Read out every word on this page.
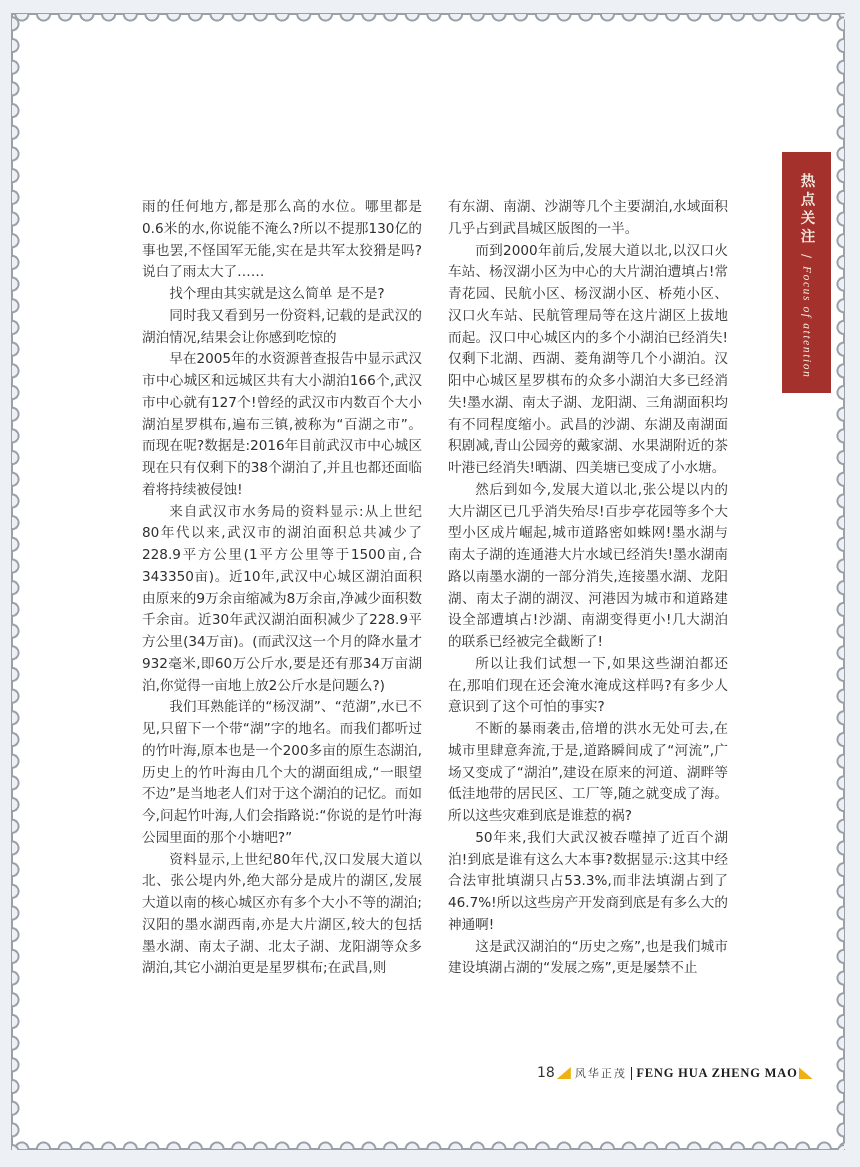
热点关注 / Focus of attention

雨的任何地方,都是那么高的水位。哪里都是0.6米的水,你说能不淹么?所以不提那130亿的事也罢,不怪国军无能,实在是共军太狡猾是吗?说白了雨太大了……

找个理由其实就是这么简单 是不是?

同时我又看到另一份资料,记载的是武汉的湖泊情况,结果会让你感到吃惊的

早在2005年的水资源普查报告中显示武汉市中心城区和远城区共有大小湖泊166个,武汉市中心就有127个!曾经的武汉市内数百个大小湖泊星罗棋布,遍布三镇,被称为“百湖之市”。而现在呢?数据是:2016年目前武汉市中心城区现在只有仅剩下的38个湖泊了,并且也都还面临着将持续被侵蚀!

来自武汉市水务局的资料显示:从上世纪80年代以来,武汉市的湖泊面积总共减少了228.9平方公里(1平方公里等于1500亩,合343350亩)。近10年,武汉中心城区湖泊面积由原来的9万余亩缩减为8万余亩,净减少面积数千余亩。近30年武汉湖泊面积减少了228.9平方公里(34万亩)。(而武汉这一个月的降水量才932毫米,即60万公斤水,要是还有那34万亩湖泊,你觉得一亩地上放2公斤水是问题么?)

我们耳熟能详的“杨汊湖”、“范湖”,水已不见,只留下一个带“湖”字的地名。而我们都听过的竹叶海,原本也是一个200多亩的原生态湖泊,历史上的竹叶海由几个大的湖面组成,“一眼望不边”是当地老人们对于这个湖泊的记忆。而如今,问起竹叶海,人们会指路说:“你说的是竹叶海公园里面的那个小塘吧?”

资料显示,上世纪80年代,汉口发展大道以北、张公堤内外,绝大部分是成片的湖区,发展大道以南的核心城区亦有多个大小不等的湖泊;汉阳的墨水湖西南,亦是大片湖区,较大的包括墨水湖、南太子湖、北太子湖、龙阳湖等众多湖泊,其它小湖泊更是星罗棋布;在武昌,则

有东湖、南湖、沙湖等几个主要湖泊,水域面积几乎占到武昌城区版图的一半。

而到2000年前后,发展大道以北,以汉口火车站、杨汊湖小区为中心的大片湖泊遭填占!常青花园、民航小区、杨汊湖小区、桥苑小区、汉口火车站、民航管理局等在这片湖区上拔地而起。汉口中心城区内的多个小湖泊已经消失!仅剩下北湖、西湖、菱角湖等几个小湖泊。汉阳中心城区星罗棋布的众多小湖泊大多已经消失!墨水湖、南太子湖、龙阳湖、三角湖面积均有不同程度缩小。武昌的沙湖、东湖及南湖面积剧减,青山公园旁的戴家湖、水果湖附近的茶叶港已经消失!晒湖、四美塘已变成了小水塘。

然后到如今,发展大道以北,张公堤以内的大片湖区已几乎消失殆尽!百步亭花园等多个大型小区成片崛起,城市道路密如蛛网!墨水湖与南太子湖的连通港大片水域已经消失!墨水湖南路以南墨水湖的一部分消失,连接墨水湖、龙阳湖、南太子湖的湖汊、河港因为城市和道路建设全部遭填占!沙湖、南湖变得更小!几大湖泊的联系已经被完全截断了!

所以让我们试想一下,如果这些湖泊都还在,那咱们现在还会淹水淹成这样吗?有多少人意识到了这个可怕的事实?

不断的暴雨袭击,倍增的洪水无处可去,在城市里肆意奔流,于是,道路瞬间成了“河流”,广场又变成了“湖泊”,建设在原来的河道、湖畔等低洼地带的居民区、工厂等,随之就变成了海。所以这些灾难到底是谁惹的祸?

50年来,我们大武汉被吞噬掉了近百个湖泊!到底是谁有这么大本事?数据显示:这其中经合法审批填湖只占53.3%,而非法填湖占到了46.7%!所以这些房产开发商到底是有多么大的神通啊!

这是武汉湖泊的“历史之殇”,也是我们城市建设填湖占湖的“发展之殇”,更是屡禁不止

18 风华正茂 FENG HUA ZHENG MAO
